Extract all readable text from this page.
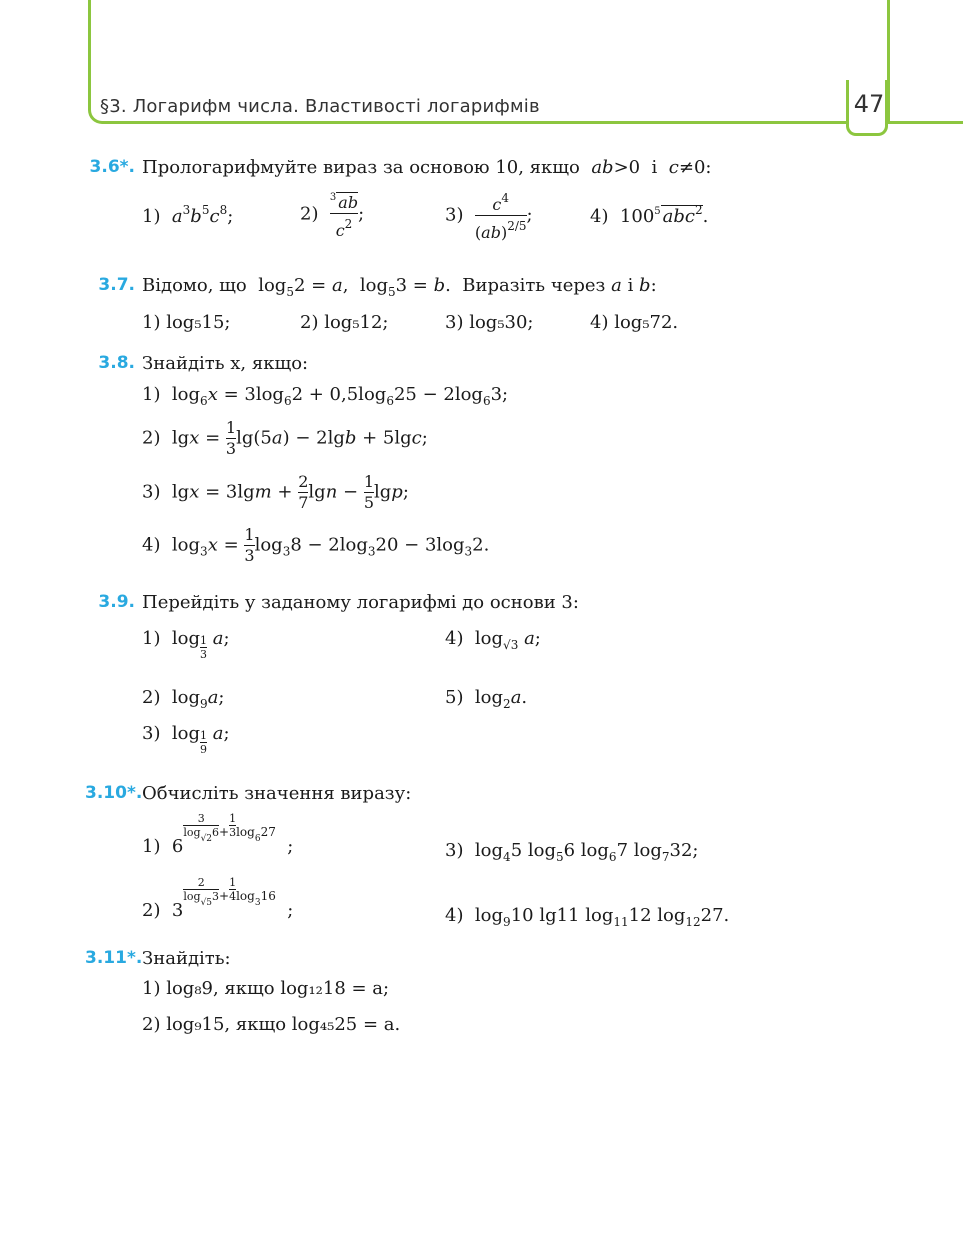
§3. Логарифм числа. Властивості логарифмів	47
3.6*. Прологарифмуйте вираз за основою 10, якщо ab>0  і  c≠0:
1)  $a^3b^5c^8$;	$2) \frac{^3 ab}{c^2}$ ;	$3) \frac{c^4}{(ab)^{2/5}}$ ;	4)  $100^5$ abc$^2$.
3.7. Відомо, що  $\log_52 = a$,  $\log_53 = b$.  Виразіть через a і b:
1) log₅15;	2) log₅12;	3) log₅30;	4) log₅72.
3.8. Знайдіть x, якщо:
1)  $\log_6x = 3\log_62 + 0,5\log_625 - 2\log_63$;
2)  $\lg x = \frac{1}{3} \lg(5a) - 2\lg b + 5\lg c$;
3)  $\lg x = 3\lg m + \frac{2}{7}$ $\lg n - \frac{1}{5} \lg p$;
4)  $\log_3x = \frac{1}{3} \log_38 - 2\log_320 - 3\log_32$.
3.9. Перейдіть у заданому логарифмі до основи 3:
1)  $\log \frac{1}{3} a$;	4)  $\log_{√3} a$;
2)  $\log_9a$;	5)  $\log_2a$.
3)  $\log \frac{1}{9} a$;
3.10*. Обчисліть значення виразу:
1)  6
$\frac{3}{\log_{√2}6} + \frac{1}{3} \log_627$  ;	3)  $\log_45$ $\log_56$ $\log_67$ $\log_732$;
2)  3
$\frac{2}{\log_{√5}3} + \frac{1}{4} \log_316$  ;	4)  $\log_910$ lg11 $\log_{11}12$ $\log_{12}27$.
3.11*. Знайдіть:
1) log₈9, якщо log₁₂18 = a;
2) log₉15, якщо log₄₅25 = a.
